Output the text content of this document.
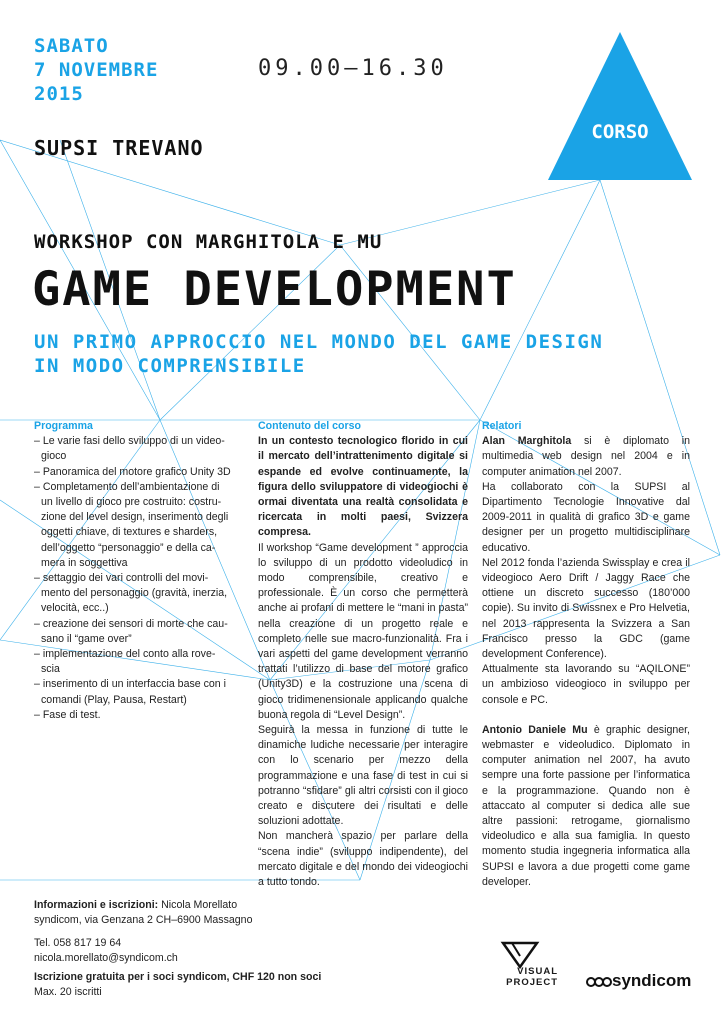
SABATO
7 NOVEMBRE
2015
09.00–16.30
SUPSI TREVANO
CORSO
WORKSHOP CON MARGHITOLA E MU
GAME DEVELOPMENT
UN PRIMO APPROCCIO NEL MONDO DEL GAME DESIGN
IN MODO COMPRENSIBILE
Programma
– Le varie fasi dello sviluppo di un video-
gioco
– Panoramica del motore grafico Unity 3D
– Completamento dell’ambientazione di
un livello di gioco pre costruito: costru-
zione del level design, inserimento degli
oggetti chiave, di textures e sharders,
dell’oggetto “personaggio” e della ca-
mera in soggettiva
– settaggio dei vari controlli del movi-
mento del personaggio (gravità, inerzia,
velocità, ecc..)
– creazione dei sensori di morte che cau-
sano il “game over”
– implementazione del conto alla rove-
scia
– inserimento di un interfaccia base con i
comandi (Play, Pausa, Restart)
– Fase di test.
Contenuto del corso

In un contesto tecnologico florido in cui il mercato dell’intrattenimento digitale si espande ed evolve continuamente, la figura dello sviluppatore di videogiochi è ormai diventata una realtà consolidata e ricercata in molti paesi, Svizzera compresa.

Il workshop “Game development ” approccia lo sviluppo di un prodotto videoludico in modo comprensibile, creativo e professionale. È un corso che permetterà anche ai profani di mettere le “mani in pasta” nella creazione di un progetto reale e completo nelle sue macro-funzionalità. Fra i vari aspetti del game development verranno trattati l’utilizzo di base del motore grafico (Unity3D) e la costruzione una scena di gioco tridimenensionale applicando qualche buona regola di “Level Design”.

Seguirà la messa in funzione di tutte le dinamiche ludiche necessarie per interagire con lo scenario per mezzo della programmazione e una fase di test in cui si potranno “sfidare” gli altri corsisti con il gioco creato e discutere dei risultati e delle soluzioni adottate.

Non mancherà spazio per parlare della “scena indie” (sviluppo indipendente), del mercato digitale e del mondo dei videogiochi a tutto tondo.

Relatori

Alan Marghitola si è diplomato in multimedia web design nel 2004 e in computer animation nel 2007.

Ha collaborato con la SUPSI al Dipartimento Tecnologie Innovative dal 2009-2011 in qualità di grafico 3D e game designer per un progetto multidisciplinare educativo.

Nel 2012 fonda l’azienda Swissplay e crea il videogioco Aero Drift / Jaggy Race che ottiene un discreto successo (180’000 copie). Su invito di Swissnex e Pro Helvetia, nel 2013 rappresenta la Svizzera a San Francisco presso la GDC (game development Conference).

Attualmente sta lavorando su “AQILONE” un ambizioso videogioco in sviluppo per console e PC.

Antonio Daniele Mu è graphic designer, webmaster e videoludico. Diplomato in computer animation nel 2007, ha avuto sempre una forte passione per l’informatica e la programmazione. Quando non è attaccato al computer si dedica alle sue altre passioni: retrogame, giornalismo videoludico e alla sua famiglia. In questo momento studia ingegneria informatica alla SUPSI e lavora a due progetti come game developer.

Informazioni e iscrizioni: Nicola Morellato
syndicom, via Genzana 2 CH–6900 Massagno
Tel. 058 817 19 64
nicola.morellato@syndicom.ch
Iscrizione gratuita per i soci syndicom, CHF 120 non soci
Max. 20 iscritti
VISUAL
PROJECT	syndicom
